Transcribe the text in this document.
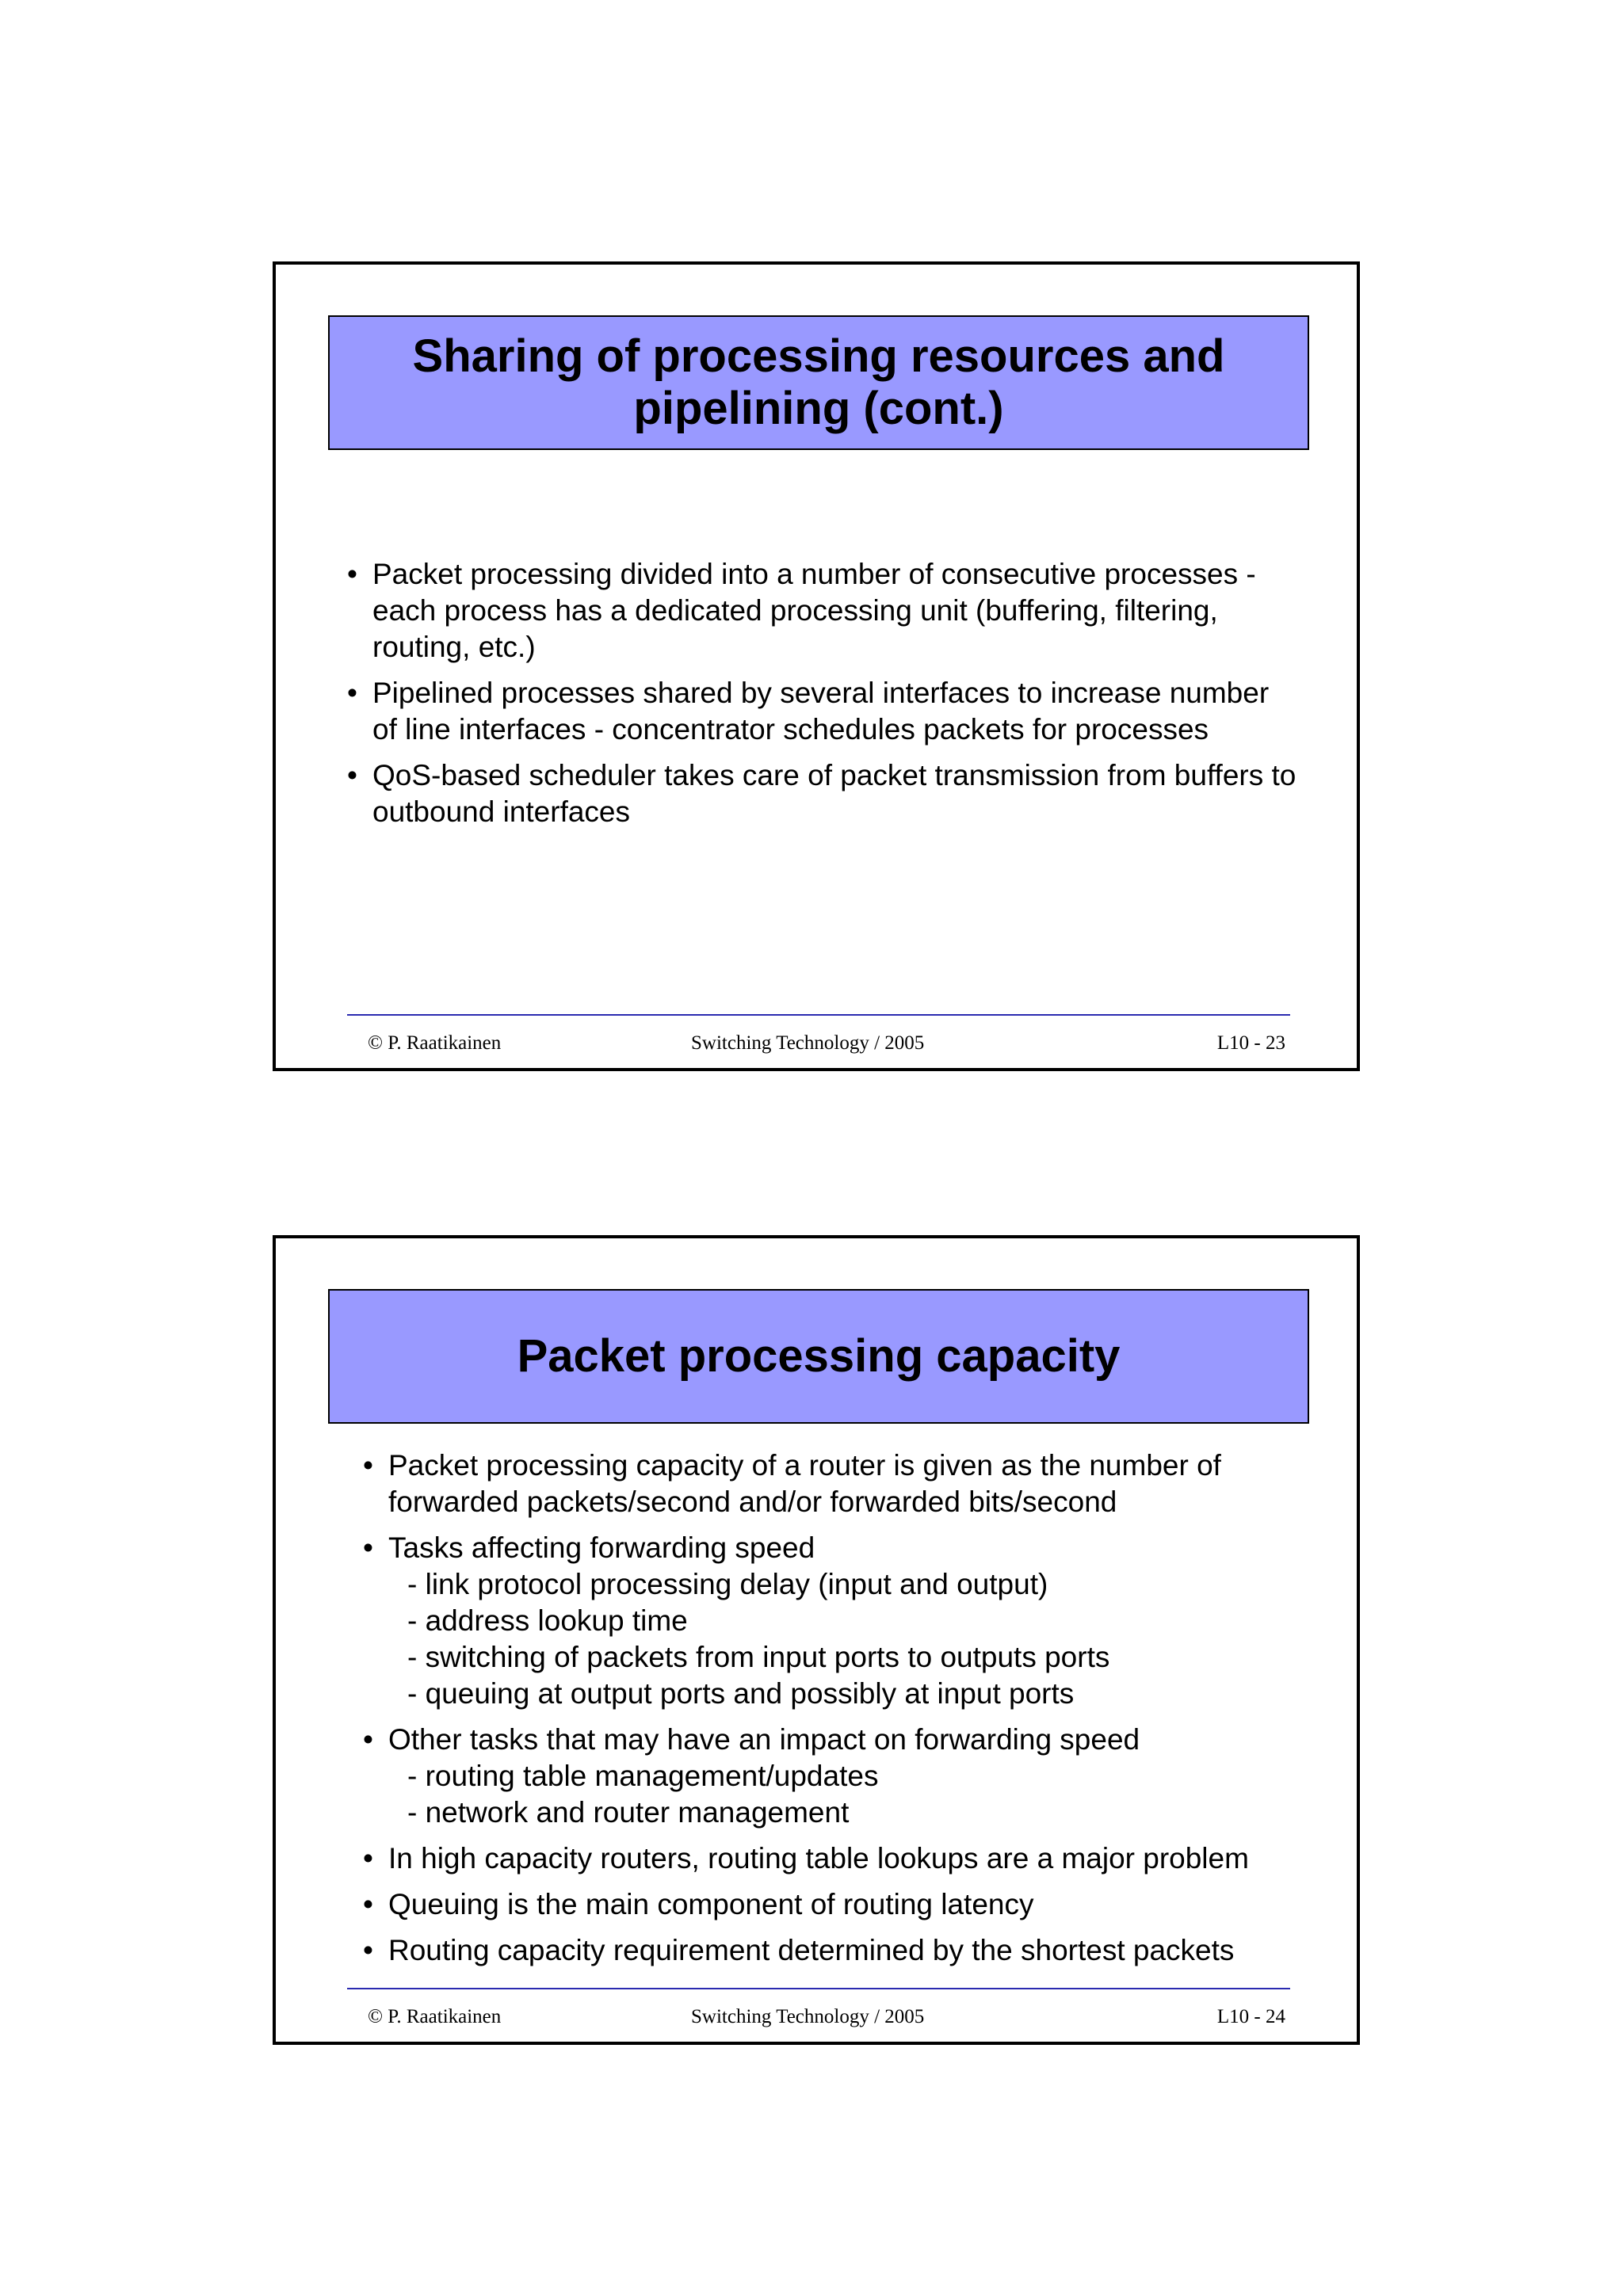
Sharing of processing resources and pipelining (cont.)
• Packet processing divided into a number of consecutive processes - each process has a dedicated processing unit (buffering, filtering, routing, etc.)
• Pipelined processes shared by several interfaces to increase number of line interfaces - concentrator schedules packets for processes
• QoS-based scheduler takes care of packet transmission from buffers to outbound interfaces
© P. Raatikainen	Switching Technology / 2005	L10 - 23
Packet processing capacity
• Packet processing capacity of a router is given as the number of forwarded packets/second and/or forwarded bits/second
• Tasks affecting forwarding speed
- link protocol processing delay (input and output)
- address lookup time
- switching of packets from input ports to outputs ports
- queuing at output ports and possibly at input ports
• Other tasks that may have an impact on forwarding speed
- routing table management/updates
- network and router management
• In high capacity routers, routing table lookups are a major problem
• Queuing is the main component of routing latency
• Routing capacity requirement determined by the shortest packets
© P. Raatikainen	Switching Technology / 2005	L10 - 24
